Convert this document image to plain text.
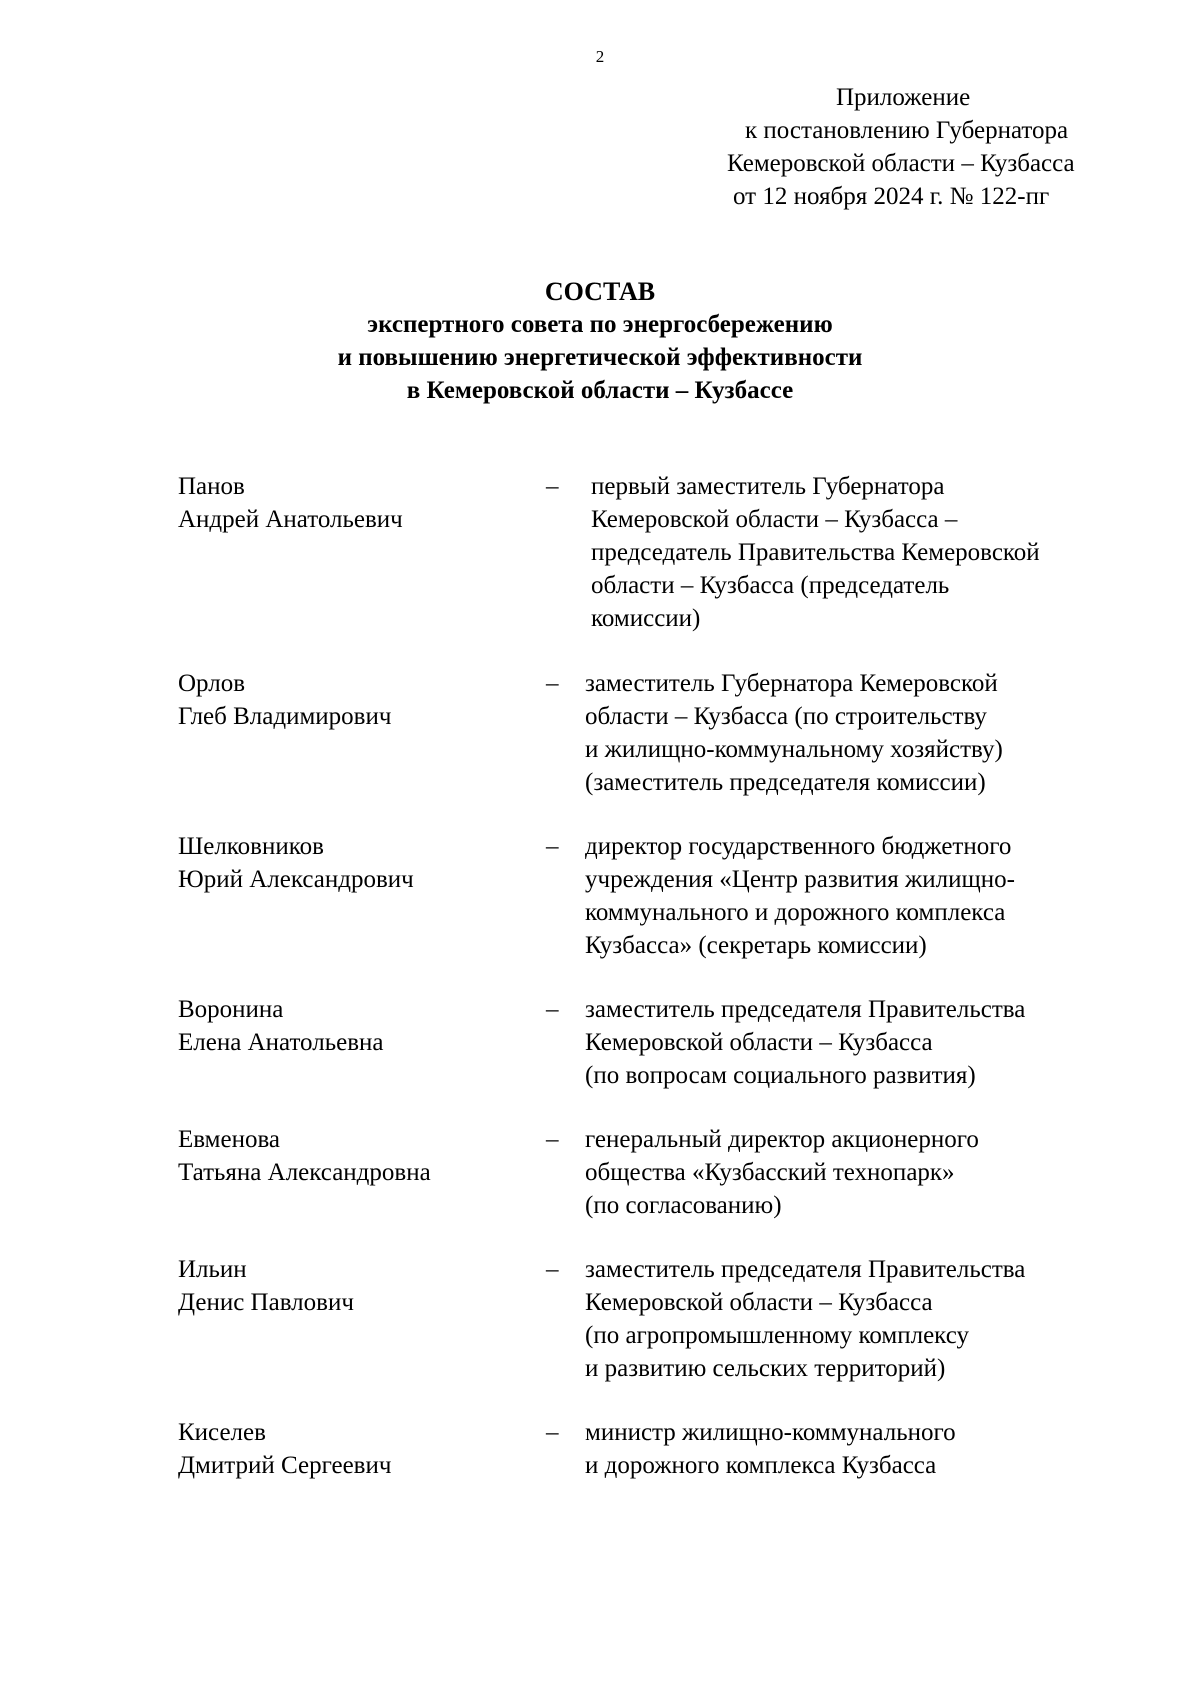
2
Приложение
к постановлению Губернатора
Кемеровской области – Кузбасса
от 12 ноября 2024 г. № 122-пг
СОСТАВ
экспертного совета по энергосбережению
и повышению энергетической эффективности
в Кемеровской области – Кузбассе
Панов
Андрей Анатольевич
–	первый заместитель Губернатора
Кемеровской области – Кузбасса –
председатель Правительства Кемеровской
области – Кузбасса (председатель
комиссии)
Орлов
Глеб Владимирович
–	заместитель Губернатора Кемеровской
области – Кузбасса (по строительству
и жилищно-коммунальному хозяйству)
(заместитель председателя комиссии)
Шелковников
Юрий Александрович
–	директор государственного бюджетного
учреждения «Центр развития жилищно-
коммунального и дорожного комплекса
Кузбасса» (секретарь комиссии)
Воронина
Елена Анатольевна
–	заместитель председателя Правительства
Кемеровской области – Кузбасса
(по вопросам социального развития)
Евменова
Татьяна Александровна
–	генеральный директор акционерного
общества «Кузбасский технопарк»
(по согласованию)
Ильин
Денис Павлович
–	заместитель председателя Правительства
Кемеровской области – Кузбасса
(по агропромышленному комплексу
и развитию сельских территорий)
Киселев
Дмитрий Сергеевич
–	министр жилищно-коммунального
и дорожного комплекса Кузбасса
